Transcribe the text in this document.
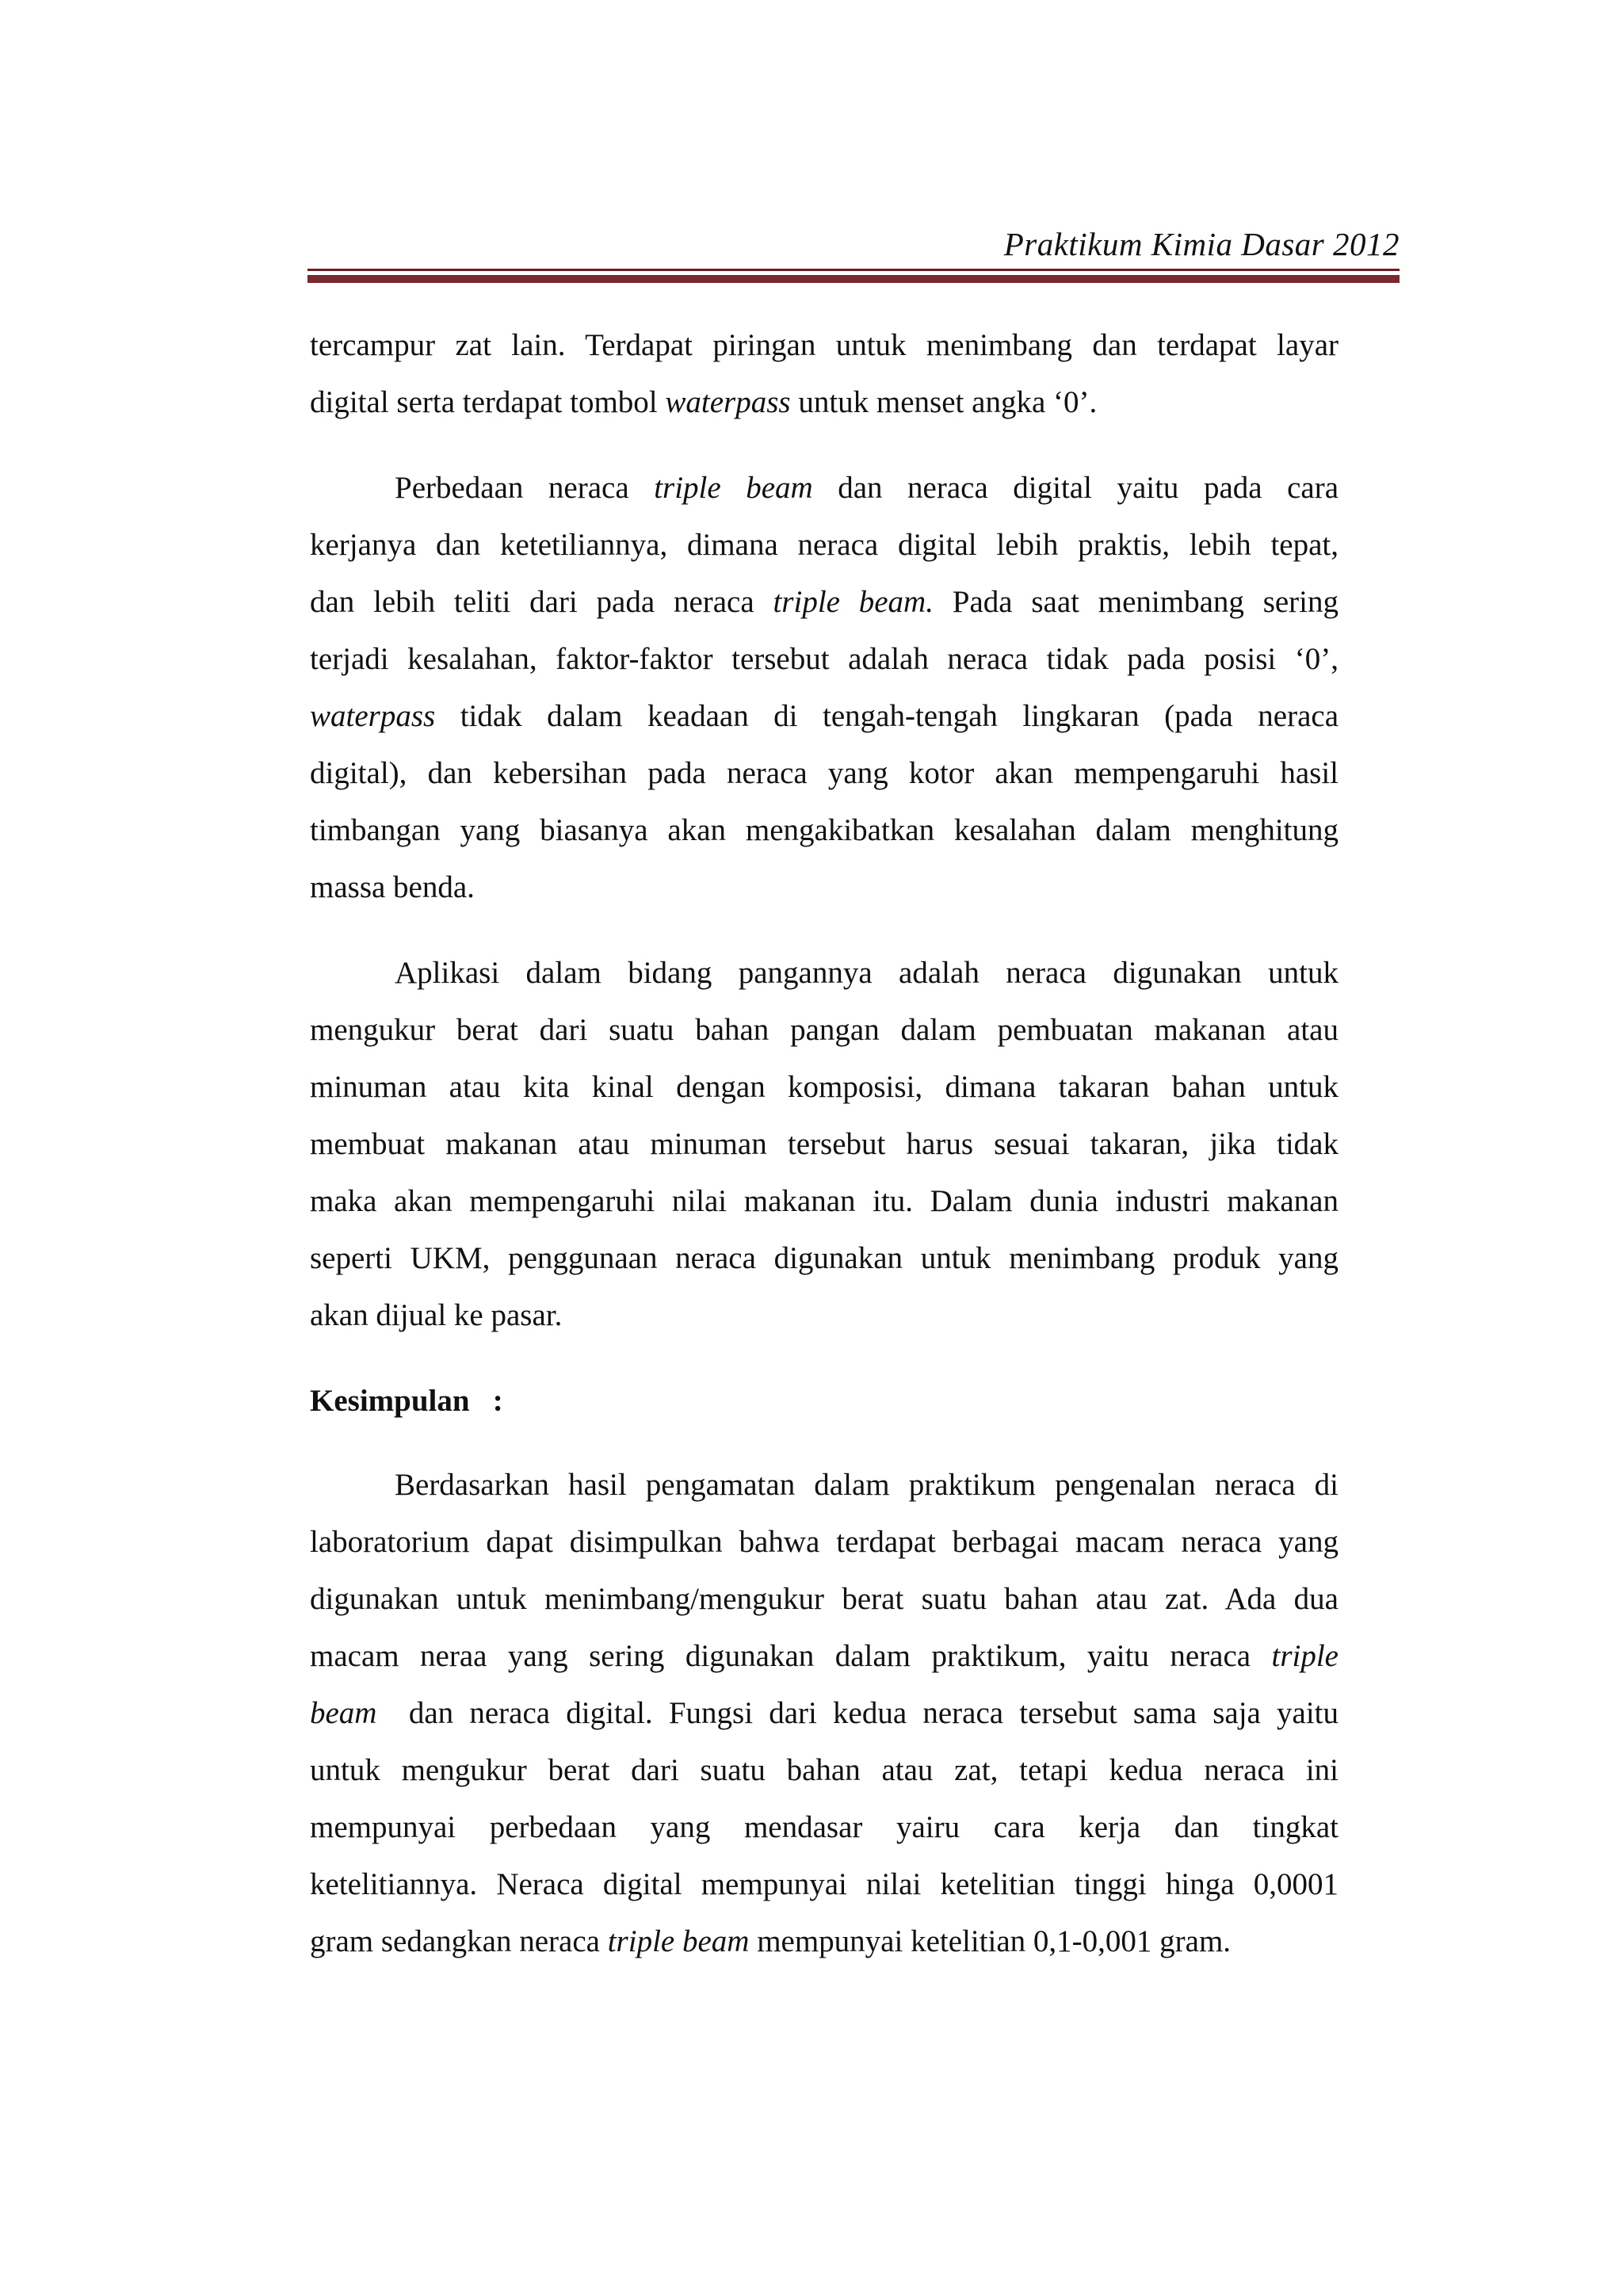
Praktikum Kimia Dasar 2012

tercampur zat lain. Terdapat piringan untuk menimbang dan terdapat layar
digital serta terdapat tombol waterpass untuk menset angka ‘0’.

Perbedaan neraca triple beam dan neraca digital yaitu pada cara
kerjanya dan ketetiliannya, dimana neraca digital lebih praktis, lebih tepat,
dan lebih teliti dari pada neraca triple beam. Pada saat menimbang sering
terjadi kesalahan, faktor-faktor tersebut adalah neraca tidak pada posisi ‘0’,
waterpass tidak dalam keadaan di tengah-tengah lingkaran (pada neraca
digital), dan kebersihan pada neraca yang kotor akan mempengaruhi hasil
timbangan yang biasanya akan mengakibatkan kesalahan dalam menghitung
massa benda.

Aplikasi dalam bidang pangannya adalah neraca digunakan untuk
mengukur berat dari suatu bahan pangan dalam pembuatan makanan atau
minuman atau kita kinal dengan komposisi, dimana takaran bahan untuk
membuat makanan atau minuman tersebut harus sesuai takaran, jika tidak
maka akan mempengaruhi nilai makanan itu. Dalam dunia industri makanan
seperti UKM, penggunaan neraca digunakan untuk menimbang produk yang
akan dijual ke pasar.

Kesimpulan   :

Berdasarkan hasil pengamatan dalam praktikum pengenalan neraca di
laboratorium dapat disimpulkan bahwa terdapat berbagai macam neraca yang
digunakan untuk menimbang/mengukur berat suatu bahan atau zat. Ada dua
macam neraa yang sering digunakan dalam praktikum, yaitu neraca triple
beam  dan neraca digital. Fungsi dari kedua neraca tersebut sama saja yaitu
untuk mengukur berat dari suatu bahan atau zat, tetapi kedua neraca ini
mempunyai perbedaan yang mendasar yairu cara kerja dan tingkat
ketelitiannya. Neraca digital mempunyai nilai ketelitian tinggi hinga 0,0001
gram sedangkan neraca triple beam mempunyai ketelitian 0,1-0,001 gram.
